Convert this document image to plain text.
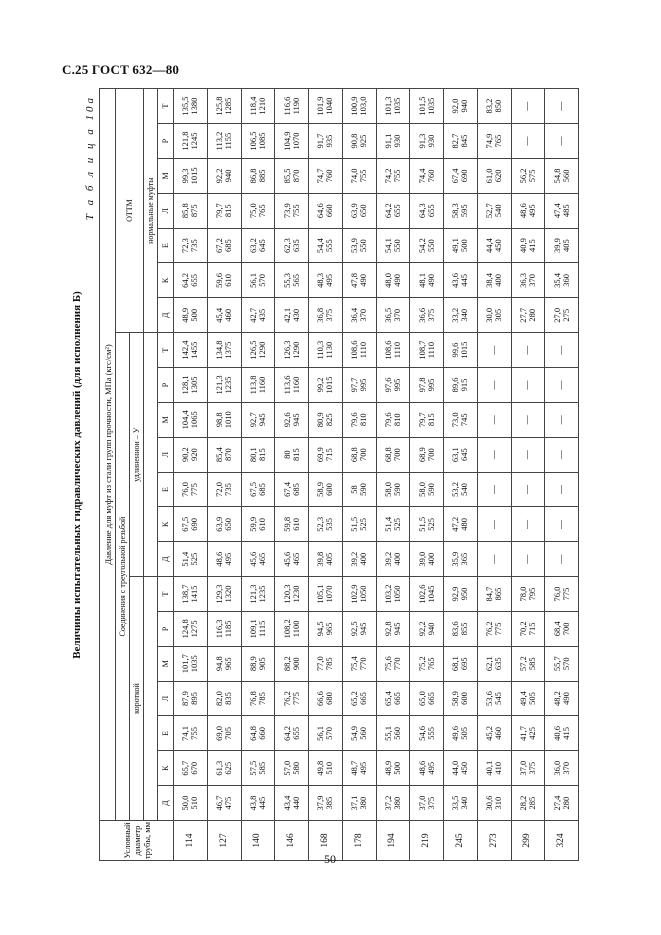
С.25 ГОСТ 632—80
Т а б л и ц а 10а
Величины испытательных гидравлических давлений (для исполнения Б)
Условный диаметр трубы, мм	Давление для муфт из стали групп прочности, МПа (кгс/см²)																				
	Соединения с треугольной резьбой														ОТТМ						
	короткой							удлиненнои – У													
															нормальные муфты						
	Д	К	Е	Л	М	Р	Т	Д	К	Е	Л	М	Р	Т	Д	К	Е	Л	М	Р	Т
114	50,0 510	65,7 670	74,1 755	87,9 895	101,7 1035	124,8 1275	138,7 1415	51,4 525	67,5 690	76,0 775	90,2 920	104,4 1065	128,1 1305	142,4 1455	48,9 500	64,2 655	72,3 735	85,8 875	99,3 1015	121,8 1245	135,5 1380

127	46,7 475	61,3 625	69,0 705	82,0 835	94,8 965	116,3 1185	129,3 1320	48,6 495	63,9 650	72,0 735	85,4 870	98,8 1010	121,3 1235	134,8 1375	45,4 460	59,6 610	67,2 685	79,7 815	92,2 940	113,2 1155	125,8 1285

140	43,8 445	57,5 585	64,8 660	76,8 785	88,9 905	109,1 1115	121,3 1235	45,6 465	59,9 610	67,5 685	80,1 815	92,7 945	113,8 1160	126,5 1290	42,7 435	56,1 570	63,2 645	75,0 765	86,8 885	106,5 1085	118,4 1210

146	43,4 440	57,0 580	64,2 655	76,2 775	88,2 900	108,2 1100	120,3 1230	45,6 465	59,8 610	67,4 685	80 815	92,6 945	113,6 1160	126,3 1290	42,1 430	55,3 565	62,3 635	73,9 755	85,5 870	104,9 1070	116,6 1190

168	37,9 385	49,8 510	56,1 570	66,6 680	77,0 785	94,5 965	105,1 1070	39,8 405	52,3 535	58,9 600	69,9 715	80,9 825	99,2 1015	110,3 1130	36,8 375	48,3 495	54,4 555	64,6 660	74,7 760	91,7 935	101,9 1040

178	37,1 380	48,7 495	54,9 560	65,2 665	75,4 770	92,5 945	102,9 1050	39,2 400	51,5 525	58 590	68,8 700	79,6 810	97,7 995	108,6 1110	36,4 370	47,8 490	53,9 550	63,9 650	74,0 755	90,8 925	100,9 103,0

194	37,2 380	48,9 500	55,1 560	65,4 665	75,6 770	92,8 945	103,2 1050	39,2 400	51,4 525	58,0 590	68,8 700	79,6 810	97,6 995	108,6 1110	36,5 370	48,0 490	54,1 550	64,2 655	74,2 755	91,1 930	101,3 1035

219	37,0 375	48,6 495	54,6 555	65,0 665	75,2 765	92,2 940	102,6 1045	39,0 400	51,5 525	58,0 590	68,9 700	79,7 815	97,8 995	108,7 1110	36,6 375	48,1 490	54,2 550	64,3 655	74,4 760	91,3 930	101,5 1035

245	33,5 340	44,0 450	49,6 505	58,9 600	68,1 695	83,6 855	92,9 950	35,9 365	47,2 480	53,2 540	63,1 645	73,0 745	89,6 915	99,6 1015	33,2 340	43,6 445	49,1 500	58,3 595	67,4 690	82,7 845	92,0 940

273	30,6 310	40,1 410	45,2 460	53,6 545	62,1 635	76,2 775	84,7 865	—	—	—	—	—	—	—	30,0 305	38,4 400	44,4 450	52,7 540	61,0 620	74,9 765	83,2 850

299	28,2 285	37,0 375	41,7 425	49,4 505	57,2 585	70,2 715	78,0 795	—	—	—	—	—	—	—	27,7 280	36,3 370	40,9 415	48,6 495	56,2 575	—	—

324	27,4 280	36,0 370	40,6 415	48,2 490	55,7 570	68,4 700	76,0 775	—	—	—	—	—	—	—	27,0 275	35,4 360	39,9 405	47,4 485	54,8 560	—	—
50
